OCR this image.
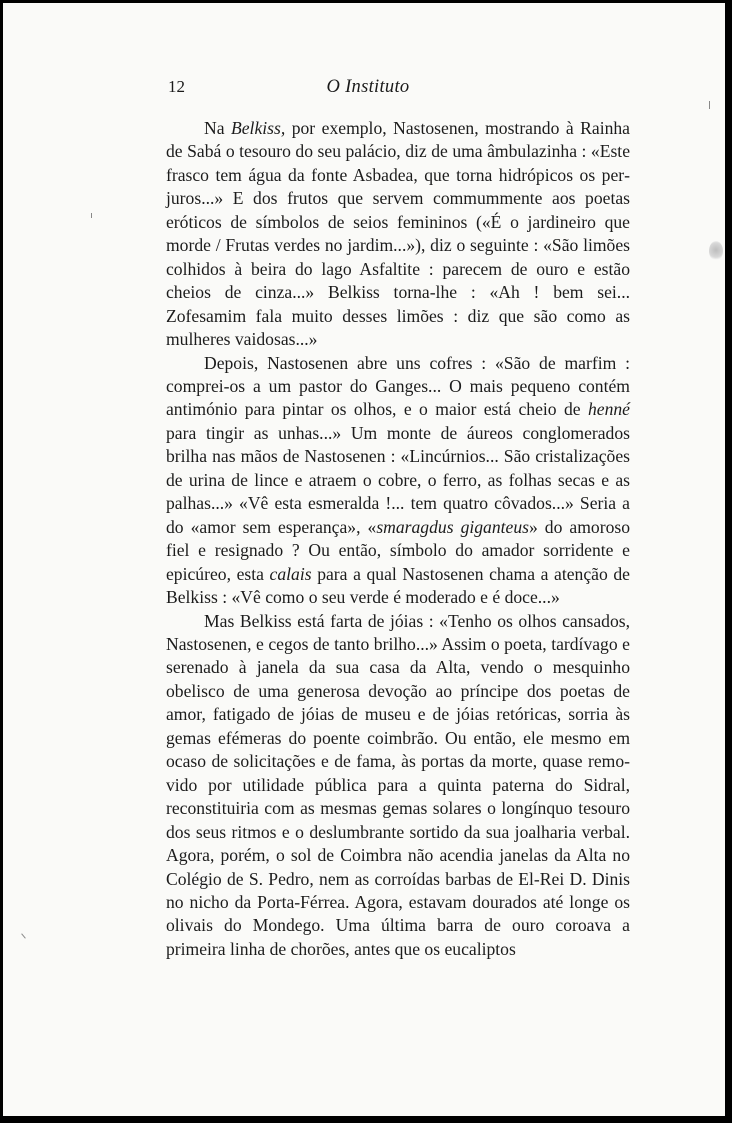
12	O Instituto

Na Belkiss, por exemplo, Nastosenen, mostrando à Rainha de Sabá o tesouro do seu palácio, diz de uma âmbulazinha : «Este frasco tem água da fonte Asbadea, que torna hidrópicos os perjuros...» E dos frutos que servem commummente aos poetas eróticos de símbolos de seios femininos («É o jardineiro que morde / Frutas verdes no jardim...»), diz o seguinte : «São limões colhidos à beira do lago Asfaltite : parecem de ouro e estão cheios de cinza...» Belkiss torna-lhe : «Ah ! bem sei... Zofesamim fala muito desses limões : diz que são como as mulheres vaidosas...»

Depois, Nastosenen abre uns cofres : «São de marfim : comprei-os a um pastor do Ganges... O mais pequeno contém antimónio para pintar os olhos, e o maior está cheio de henné para tingir as unhas...» Um monte de áureos conglomerados brilha nas mãos de Nastosenen : «Lincúrnios... São cristalizações de urina de lince e atraem o cobre, o ferro, as folhas secas e as palhas...» «Vê esta esmeralda !... tem quatro côvados...» Seria a do «amor sem esperança», «smaragdus giganteus» do amoroso fiel e resignado ? Ou então, símbolo do amador sorridente e epicúreo, esta calais para a qual Nastosenen chama a atenção de Belkiss : «Vê como o seu verde é moderado e é doce...»

Mas Belkiss está farta de jóias : «Tenho os olhos cansados, Nastosenen, e cegos de tanto brilho...» Assim o poeta, tardívago e serenado à janela da sua casa da Alta, vendo o mesquinho obelisco de uma generosa devoção ao príncipe dos poetas de amor, fatigado de jóias de museu e de jóias retóricas, sorria às gemas efémeras do poente coimbrão. Ou então, ele mesmo em ocaso de solicitações e de fama, às portas da morte, quase removido por utilidade pública para a quinta paterna do Sidral, reconstituiria com as mesmas gemas solares o longínquo tesouro dos seus ritmos e o deslumbrante sortido da sua joalharia verbal. Agora, porém, o sol de Coimbra não acendia janelas da Alta no Colégio de S. Pedro, nem as corroídas barbas de El-Rei D. Dinis no nicho da Porta-Férrea. Agora, estavam dourados até longe os olivais do Mondego. Uma última barra de ouro coroava a primeira linha de chorões, antes que os eucaliptos
